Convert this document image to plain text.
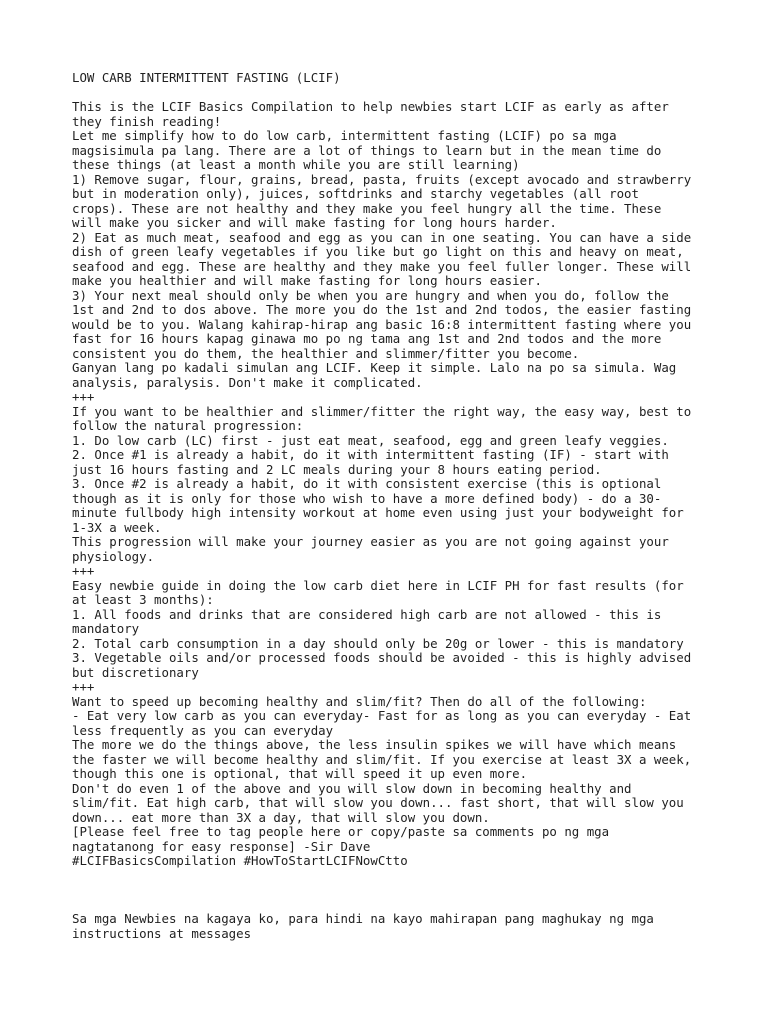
LOW CARB INTERMITTENT FASTING (LCIF)
This is the LCIF Basics Compilation to help newbies start LCIF as early as after
they finish reading!
Let me simplify how to do low carb, intermittent fasting (LCIF) po sa mga
magsisimula pa lang. There are a lot of things to learn but in the mean time do
these things (at least a month while you are still learning)
1) Remove sugar, flour, grains, bread, pasta, fruits (except avocado and strawberry
but in moderation only), juices, softdrinks and starchy vegetables (all root
crops). These are not healthy and they make you feel hungry all the time. These
will make you sicker and will make fasting for long hours harder.
2) Eat as much meat, seafood and egg as you can in one seating. You can have a side
dish of green leafy vegetables if you like but go light on this and heavy on meat,
seafood and egg. These are healthy and they make you feel fuller longer. These will
make you healthier and will make fasting for long hours easier.
3) Your next meal should only be when you are hungry and when you do, follow the
1st and 2nd to dos above. The more you do the 1st and 2nd todos, the easier fasting
would be to you. Walang kahirap-hirap ang basic 16:8 intermittent fasting where you
fast for 16 hours kapag ginawa mo po ng tama ang 1st and 2nd todos and the more
consistent you do them, the healthier and slimmer/fitter you become.
Ganyan lang po kadali simulan ang LCIF. Keep it simple. Lalo na po sa simula. Wag
analysis, paralysis. Don't make it complicated.
+++
If you want to be healthier and slimmer/fitter the right way, the easy way, best to
follow the natural progression:
1. Do low carb (LC) first - just eat meat, seafood, egg and green leafy veggies.
2. Once #1 is already a habit, do it with intermittent fasting (IF) - start with
just 16 hours fasting and 2 LC meals during your 8 hours eating period.
3. Once #2 is already a habit, do it with consistent exercise (this is optional
though as it is only for those who wish to have a more defined body) - do a 30-
minute fullbody high intensity workout at home even using just your bodyweight for
1-3X a week.
This progression will make your journey easier as you are not going against your
physiology.
+++
Easy newbie guide in doing the low carb diet here in LCIF PH for fast results (for
at least 3 months):
1. All foods and drinks that are considered high carb are not allowed - this is
mandatory
2. Total carb consumption in a day should only be 20g or lower - this is mandatory
3. Vegetable oils and/or processed foods should be avoided - this is highly advised
but discretionary
+++
Want to speed up becoming healthy and slim/fit? Then do all of the following:
- Eat very low carb as you can everyday- Fast for as long as you can everyday - Eat
less frequently as you can everyday
The more we do the things above, the less insulin spikes we will have which means
the faster we will become healthy and slim/fit. If you exercise at least 3X a week,
though this one is optional, that will speed it up even more.
Don't do even 1 of the above and you will slow down in becoming healthy and
slim/fit. Eat high carb, that will slow you down... fast short, that will slow you
down... eat more than 3X a day, that will slow you down.
[Please feel free to tag people here or copy/paste sa comments po ng mga
nagtatanong for easy response] -Sir Dave
#LCIFBasicsCompilation #HowToStartLCIFNowCtto
Sa mga Newbies na kagaya ko, para hindi na kayo mahirapan pang maghukay ng mga
instructions at messages
